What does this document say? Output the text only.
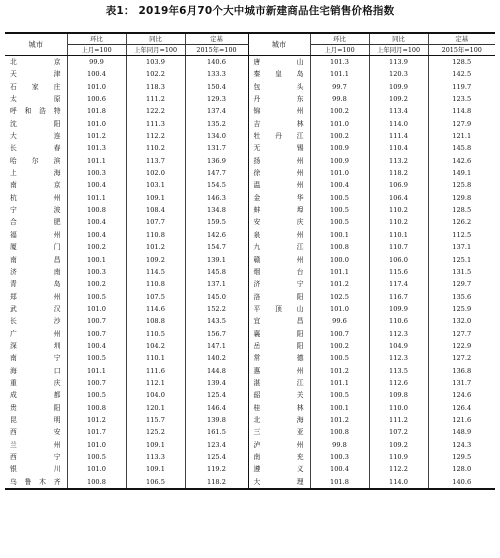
表1： 2019年6月70个大中城市新建商品住宅销售价格指数
城市	环比	同比	定基	城市	环比	同比	定基
	上月=100	上年同月=100	2015年=100		上月=100	上年同月=100	2015年=100
北　京	99.9	103.9	140.6	唐　山	101.3	113.9	128.5
天　津	100.4	102.2	133.3	秦皇岛	101.1	120.3	142.5
石家庄	101.0	118.3	150.4	包　头	99.7	109.9	119.7
太　原	100.6	111.2	129.3	丹　东	99.8	109.2	123.5
呼和浩特	101.8	122.2	137.4	锦　州	100.2	113.4	114.8
沈　阳	101.0	111.3	135.2	吉　林	101.0	114.0	127.9
大　连	101.2	112.2	134.0	牡丹江	100.2	111.4	121.1
长　春	101.3	110.2	131.7	无　锡	100.9	110.4	145.8
哈尔滨	101.1	113.7	136.9	扬　州	100.9	113.2	142.6
上　海	100.3	102.0	147.7	徐　州	101.0	118.2	149.1
南　京	100.4	103.1	154.5	温　州	100.4	106.9	125.8
杭　州	101.1	109.1	146.3	金　华	100.5	106.4	129.8
宁　波	100.8	108.4	134.8	蚌　埠	100.5	110.2	128.5
合　肥	100.4	107.7	159.5	安　庆	100.5	110.2	126.2
福　州	100.4	110.8	142.6	泉　州	100.1	110.1	112.5
厦　门	100.2	101.2	154.7	九　江	100.8	110.7	137.1
南　昌	100.1	109.2	139.1	赣　州	100.0	106.0	125.1
济　南	100.3	114.5	145.8	烟　台	101.1	115.6	131.5
青　岛	100.2	110.8	137.1	济　宁	101.2	117.4	129.7
郑　州	100.5	107.5	145.0	洛　阳	102.5	116.7	135.6
武　汉	101.0	114.6	152.2	平顶山	101.0	109.9	125.9
长　沙	100.7	108.8	143.5	宜　昌	99.6	110.6	132.0
广　州	100.7	110.5	156.7	襄　阳	100.7	112.3	127.7
深　圳	100.4	104.2	147.1	岳　阳	100.2	104.9	122.9
南　宁	100.5	110.1	140.2	常　德	100.5	112.3	127.2
海　口	101.1	111.6	144.8	惠　州	101.2	113.5	136.8
重　庆	100.7	112.1	139.4	湛　江	101.1	112.6	131.7
成　都	100.5	104.0	125.4	韶　关	100.5	109.8	124.6
贵　阳	100.8	120.1	146.4	桂　林	100.1	110.0	126.4
昆　明	101.2	115.7	139.8	北　海	101.2	111.2	121.6
西　安	101.7	125.2	161.5	三　亚	100.8	107.2	148.9
兰　州	101.0	109.1	123.4	泸　州	99.8	109.2	124.3
西　宁	100.5	113.3	125.4	南　充	100.3	110.9	129.5
银　川	101.0	109.1	119.2	遵　义	100.4	112.2	128.0
乌鲁木齐	100.8	106.5	118.2	大　理	101.8	114.0	140.6
